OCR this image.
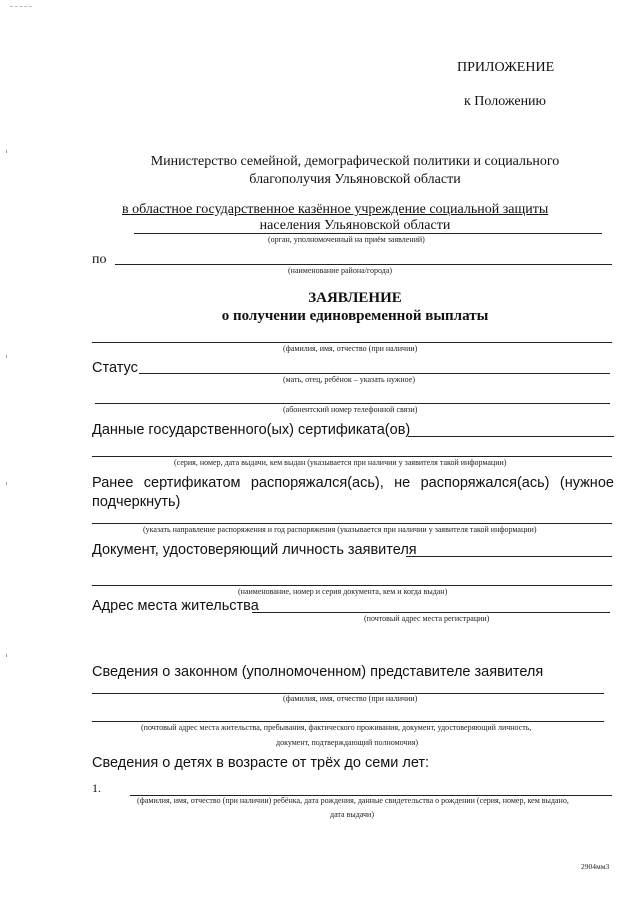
ПРИЛОЖЕНИЕ
к Положению
Министерство семейной, демографической политики и социального
благополучия Ульяновской области
в областное государственное казённое учреждение социальной защиты
населения Ульяновской области
(орган, уполномоченный на приём заявлений)
по
(наименование района/города)
ЗАЯВЛЕНИЕ
о получении единовременной выплаты
(фамилия, имя, отчество (при наличии)
Статус
(мать, отец, ребёнок – указать нужное)
(абонентский номер телефонной связи)
Данные государственного(ых) сертификата(ов)
(серия, номер, дата выдачи, кем выдан (указывается при наличии у заявителя такой информации)
Ранее сертификатом распоряжался(ась), не распоряжался(ась) (нужное
подчеркнуть)
(указать направление распоряжения и год распоряжения (указывается при наличии у заявителя такой информации)
Документ, удостоверяющий личность заявителя
(наименование, номер и серия документа, кем и когда выдан)
Адрес места жительства
(почтовый адрес места регистрации)
Сведения о законном (уполномоченном) представителе заявителя
(фамилия, имя, отчество (при наличии)
(почтовый адрес места жительства, пребывания, фактического проживания, документ, удостоверяющий личность,
документ, подтверждающий полномочия)
Сведения о детях в возрасте от трёх до семи лет:
1.
(фамилия, имя, отчество (при наличии) ребёнка, дата рождения, данные свидетельства о рождении (серия, номер, кем выдано,
дата выдачи)
2904мм3
